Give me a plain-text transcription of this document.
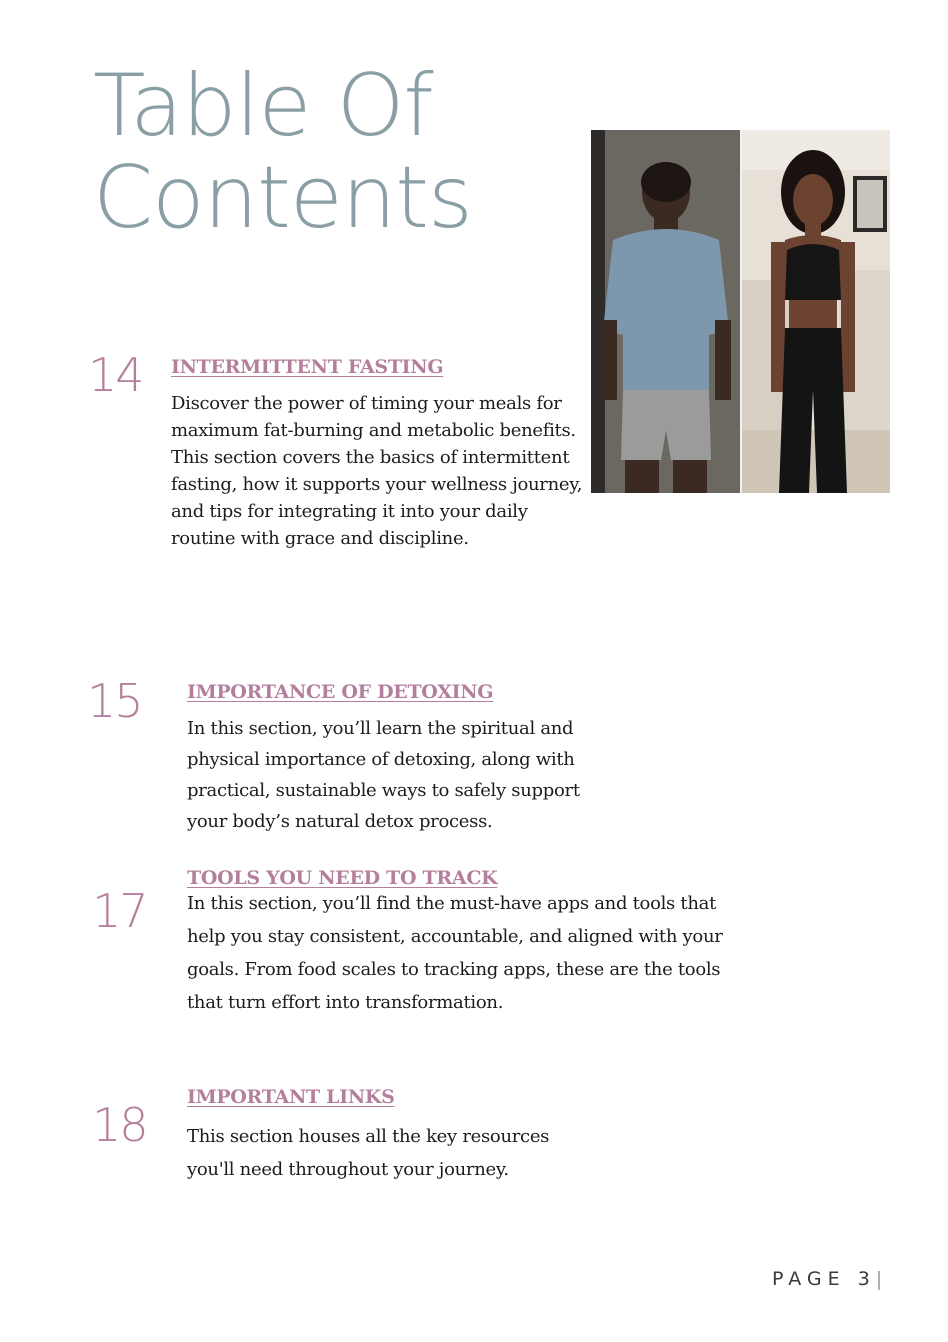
Table Of
Contents
14 INTERMITTENT FASTING

Discover the power of timing your meals for maximum fat-burning and metabolic benefits. This section covers the basics of intermittent fasting, how it supports your wellness journey, and tips for integrating it into your daily routine with grace and discipline.

15 IMPORTANCE OF DETOXING

In this section, you’ll learn the spiritual and physical importance of detoxing, along with practical, sustainable ways to safely support your body’s natural detox process.

17
TOOLS YOU NEED TO TRACK

In this section, you’ll find the must-have apps and tools that help you stay consistent, accountable, and aligned with your goals. From food scales to tracking apps, these are the tools that turn effort into transformation.

18
IMPORTANT LINKS

This section houses all the key resources you'll need throughout your journey.

PAGE 3|
